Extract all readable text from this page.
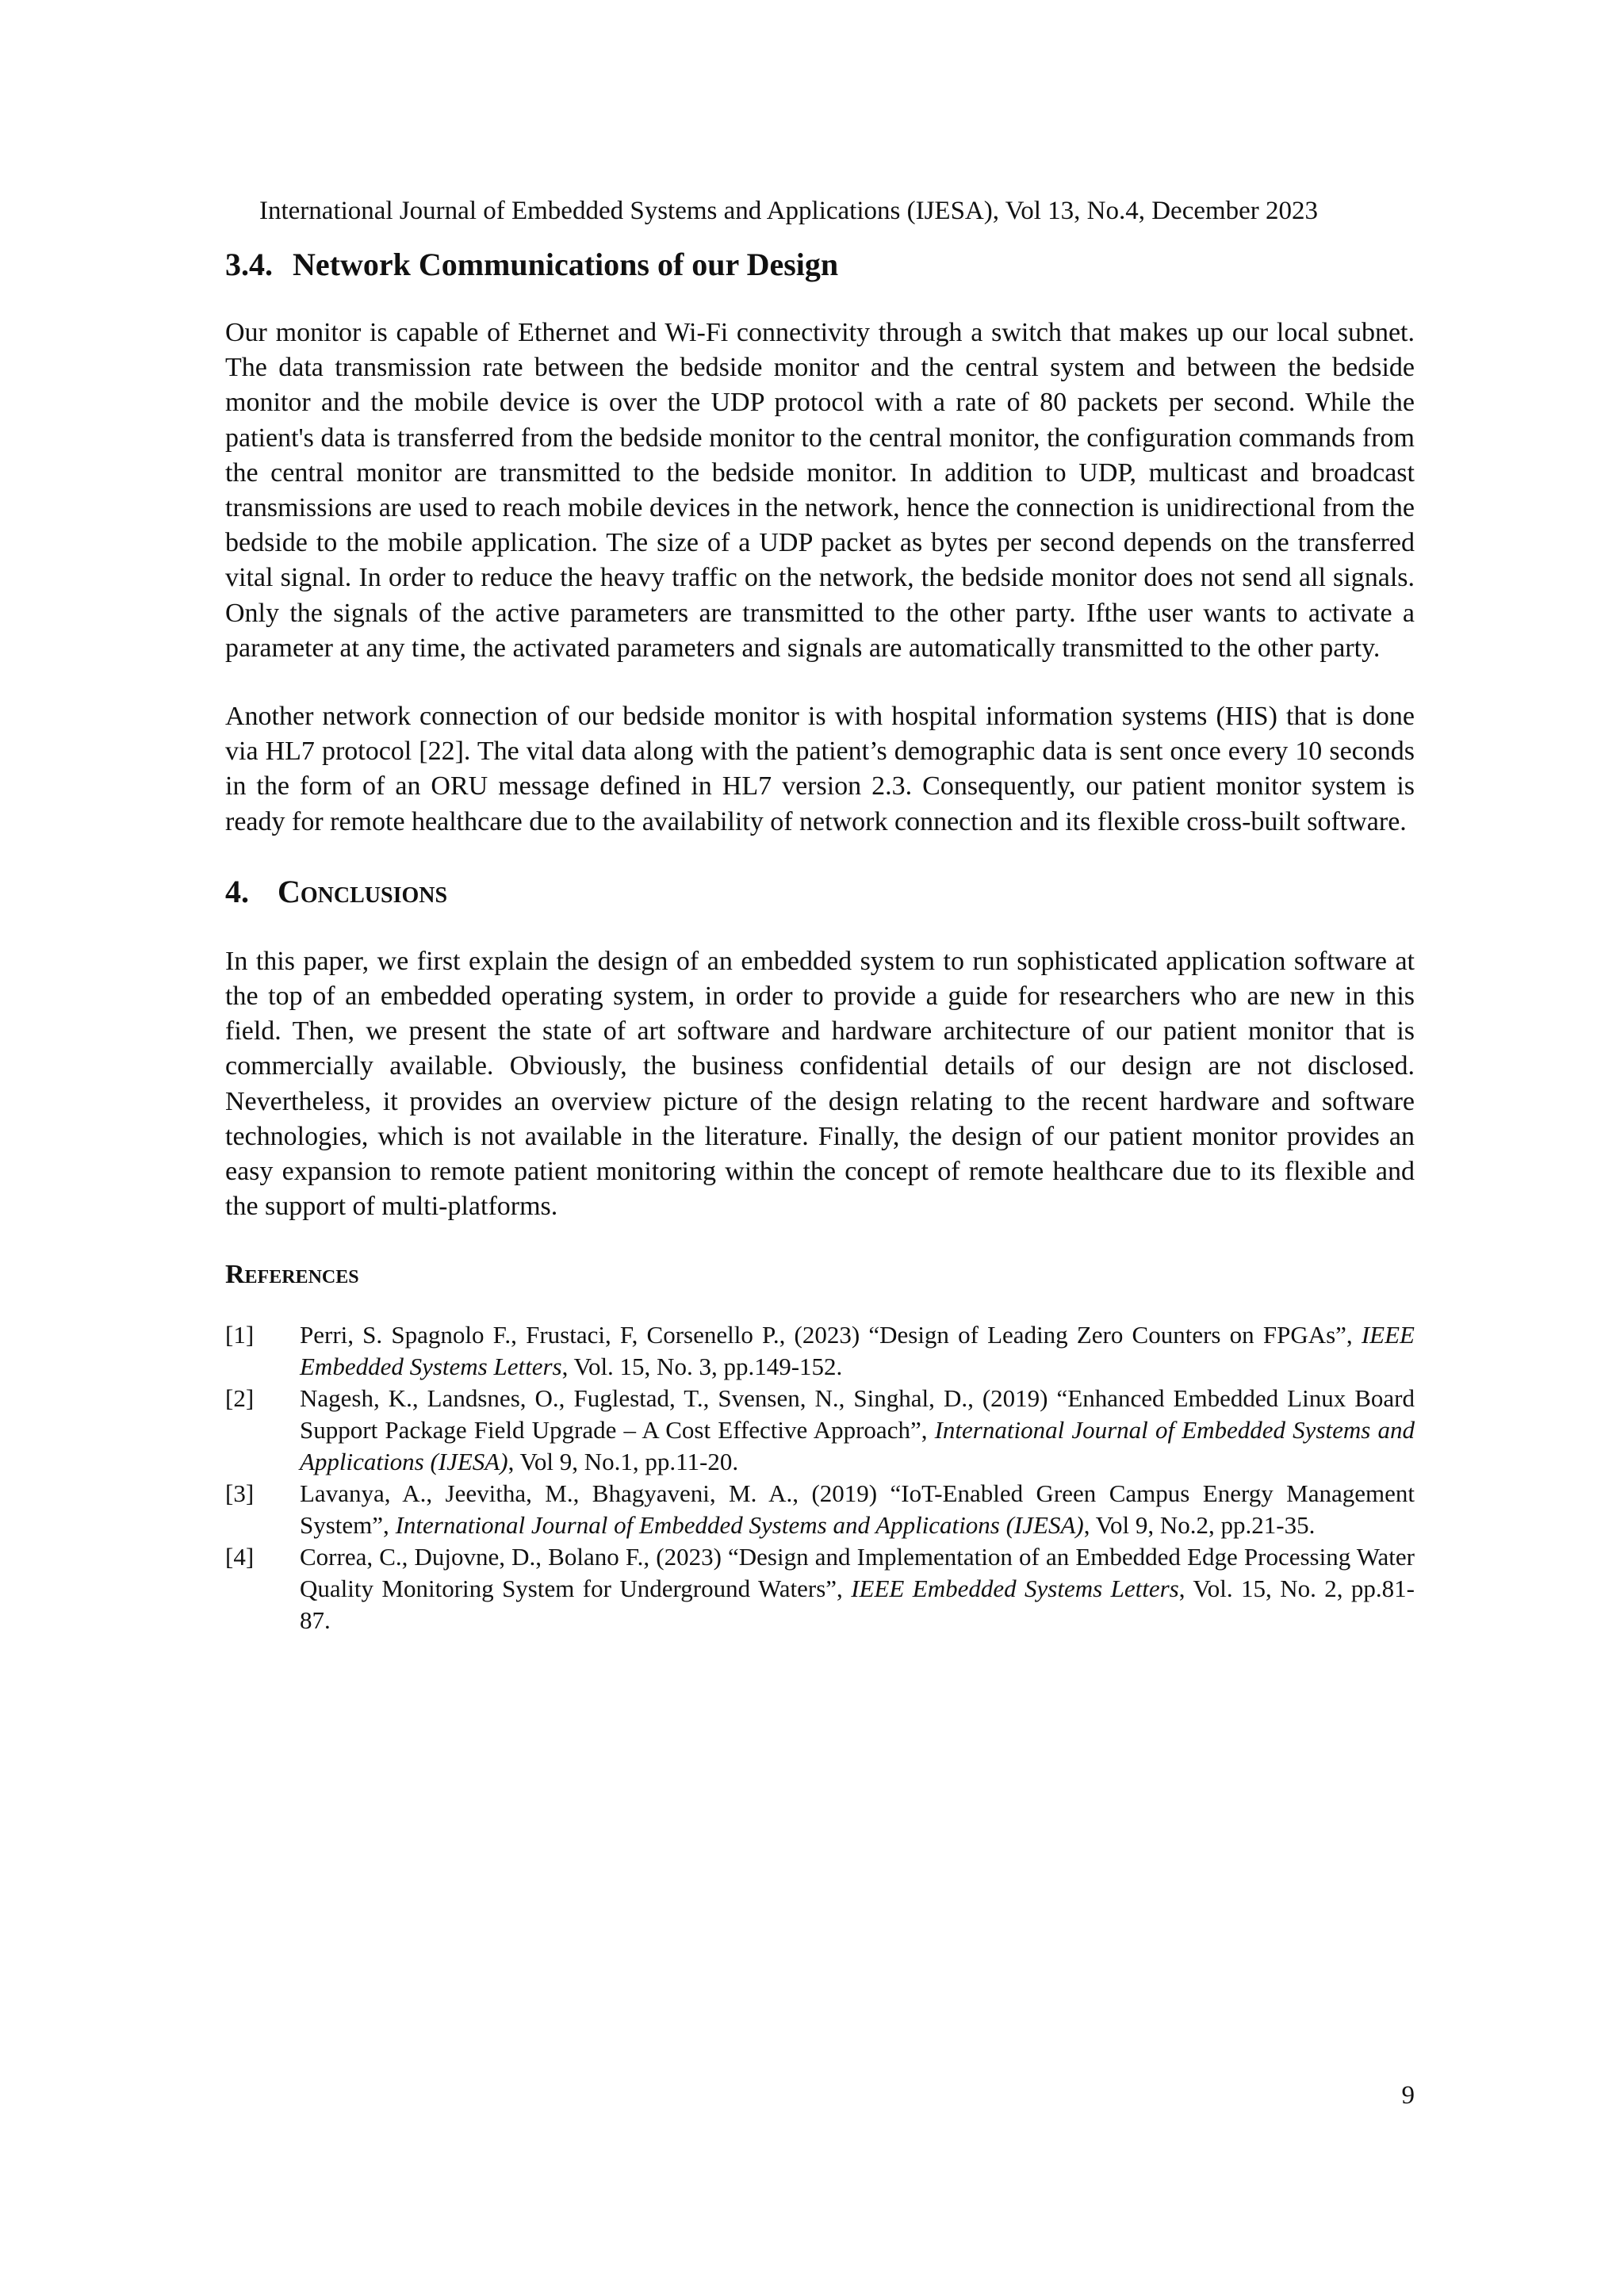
International Journal of Embedded Systems and Applications (IJESA), Vol 13, No.4, December 2023
3.4. Network Communications of our Design

Our monitor is capable of Ethernet and Wi-Fi connectivity through a switch that makes up our local subnet. The data transmission rate between the bedside monitor and the central system and between the bedside monitor and the mobile device is over the UDP protocol with a rate of 80 packets per second. While the patient's data is transferred from the bedside monitor to the central monitor, the configuration commands from the central monitor are transmitted to the bedside monitor. In addition to UDP, multicast and broadcast transmissions are used to reach mobile devices in the network, hence the connection is unidirectional from the bedside to the mobile application. The size of a UDP packet as bytes per second depends on the transferred vital signal. In order to reduce the heavy traffic on the network, the bedside monitor does not send all signals. Only the signals of the active parameters are transmitted to the other party. Ifthe user wants to activate a parameter at any time, the activated parameters and signals are automatically transmitted to the other party.

Another network connection of our bedside monitor is with hospital information systems (HIS) that is done via HL7 protocol [22]. The vital data along with the patient’s demographic data is sent once every 10 seconds in the form of an ORU message defined in HL7 version 2.3. Consequently, our patient monitor system is ready for remote healthcare due to the availability of network connection and its flexible cross-built software.

4. Conclusions

In this paper, we first explain the design of an embedded system to run sophisticated application software at the top of an embedded operating system, in order to provide a guide for researchers who are new in this field. Then, we present the state of art software and hardware architecture of our patient monitor that is commercially available. Obviously, the business confidential details of our design are not disclosed. Nevertheless, it provides an overview picture of the design relating to the recent hardware and software technologies, which is not available in the literature. Finally, the design of our patient monitor provides an easy expansion to remote patient monitoring within the concept of remote healthcare due to its flexible and the support of multi-platforms.

References
[1] Perri, S. Spagnolo F., Frustaci, F, Corsenello P., (2023) “Design of Leading Zero Counters on FPGAs”, IEEE Embedded Systems Letters, Vol. 15, No. 3, pp.149-152.
[2] Nagesh, K., Landsnes, O., Fuglestad, T., Svensen, N., Singhal, D., (2019) “Enhanced Embedded Linux Board Support Package Field Upgrade – A Cost Effective Approach”, International Journal of Embedded Systems and Applications (IJESA), Vol 9, No.1, pp.11-20.
[3] Lavanya, A., Jeevitha, M., Bhagyaveni, M. A., (2019) “IoT-Enabled Green Campus Energy Management System”, International Journal of Embedded Systems and Applications (IJESA), Vol 9, No.2, pp.21-35.
[4] Correa, C., Dujovne, D., Bolano F., (2023) “Design and Implementation of an Embedded Edge Processing Water Quality Monitoring System for Underground Waters”, IEEE Embedded Systems Letters, Vol. 15, No. 2, pp.81-87.
9
